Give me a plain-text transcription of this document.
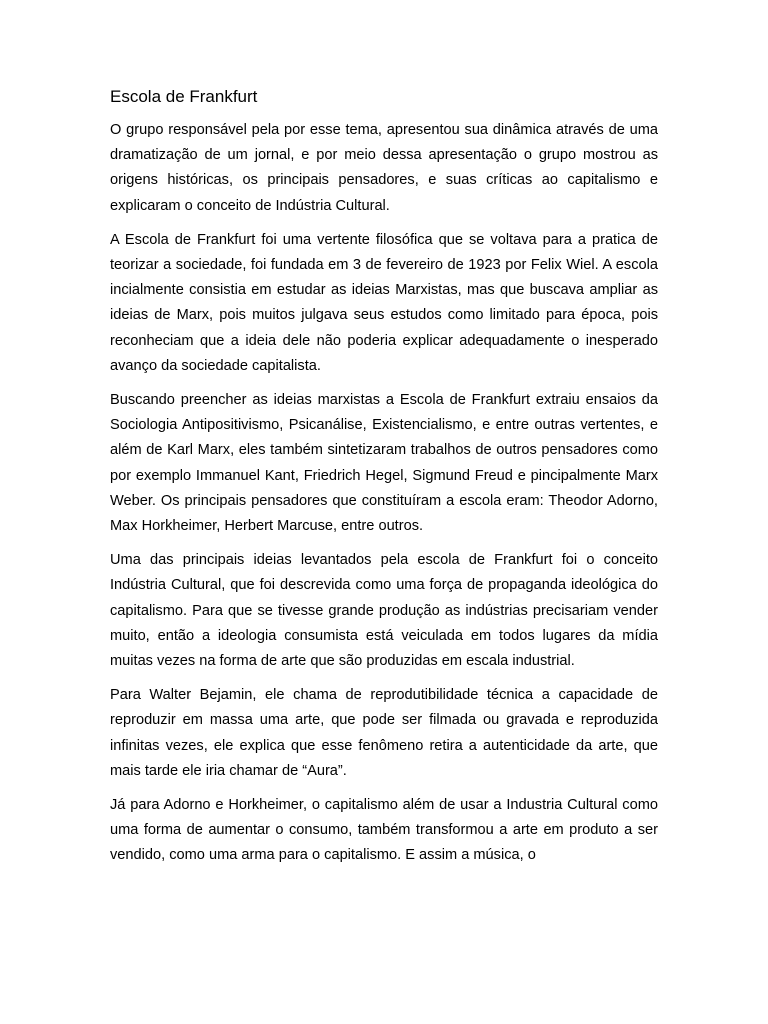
Escola de Frankfurt

O grupo responsável pela por esse tema, apresentou sua dinâmica através de uma dramatização de um jornal, e por meio dessa apresentação o grupo mostrou as origens históricas, os principais pensadores, e suas críticas ao capitalismo e explicaram o conceito de Indústria Cultural.

A Escola de Frankfurt foi uma vertente filosófica que se voltava para a pratica de teorizar a sociedade, foi fundada em 3 de fevereiro de 1923 por Felix Wiel. A escola incialmente consistia em estudar as ideias Marxistas, mas que buscava ampliar as ideias de Marx, pois muitos julgava seus estudos como limitado para época, pois reconheciam que a ideia dele não poderia explicar adequadamente o inesperado avanço da sociedade capitalista.

Buscando preencher as ideias marxistas a Escola de Frankfurt extraiu ensaios da Sociologia Antipositivismo, Psicanálise, Existencialismo, e entre outras vertentes, e além de Karl Marx, eles também sintetizaram trabalhos de outros pensadores como por exemplo Immanuel Kant, Friedrich Hegel, Sigmund Freud e pincipalmente Marx Weber. Os principais pensadores que constituíram a escola eram: Theodor Adorno, Max Horkheimer, Herbert Marcuse, entre outros.

Uma das principais ideias levantados pela escola de Frankfurt foi o conceito Indústria Cultural, que foi descrevida como uma força de propaganda ideológica do capitalismo. Para que se tivesse grande produção as indústrias precisariam vender muito, então a ideologia consumista está veiculada em todos lugares da mídia muitas vezes na forma de arte que são produzidas em escala industrial.

Para Walter Bejamin, ele chama de reprodutibilidade técnica a capacidade de reproduzir em massa uma arte, que pode ser filmada ou gravada e reproduzida infinitas vezes, ele explica que esse fenômeno retira a autenticidade da arte, que mais tarde ele iria chamar de “Aura”.

Já para Adorno e Horkheimer, o capitalismo além de usar a Industria Cultural como uma forma de aumentar o consumo, também transformou a arte em produto a ser vendido, como uma arma para o capitalismo. E assim a música, o
